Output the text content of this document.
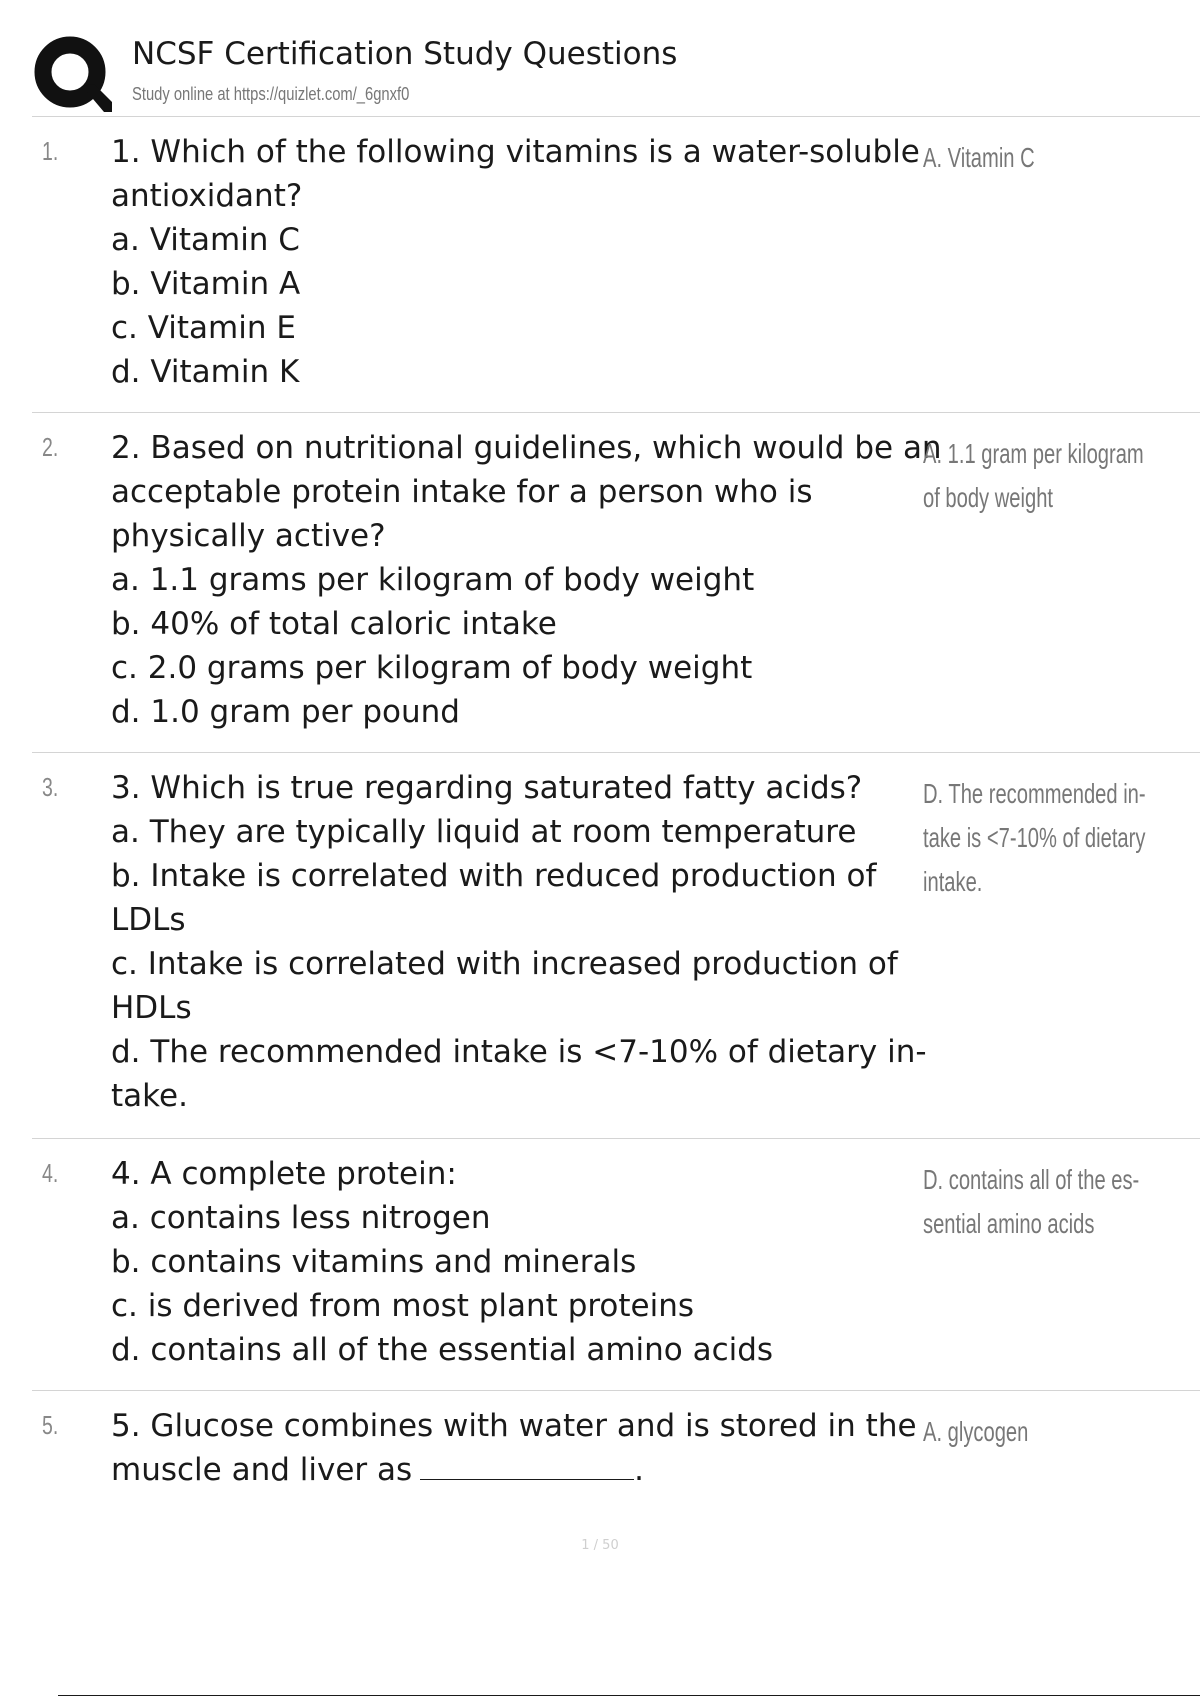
NCSF Certification Study Questions
Study online at https://quizlet.com/_6gnxf0
1. 1. Which of the following vitamins is a water-soluble
antioxidant?
a. Vitamin C
b. Vitamin A
c. Vitamin E
d. Vitamin K
A. Vitamin C
2. 2. Based on nutritional guidelines, which would be an
acceptable protein intake for a person who is
physically active?
a. 1.1 grams per kilogram of body weight
b. 40% of total caloric intake
c. 2.0 grams per kilogram of body weight
d. 1.0 gram per pound
A. 1.1 gram per kilogram
of body weight
3. 3. Which is true regarding saturated fatty acids?
a. They are typically liquid at room temperature
b. Intake is correlated with reduced production of
LDLs
c. Intake is correlated with increased production of
HDLs
d. The recommended intake is <7-10% of dietary in-
take.
D. The recommended in-
take is <7-10% of dietary
intake.
4. 4. A complete protein:
a. contains less nitrogen
b. contains vitamins and minerals
c. is derived from most plant proteins
d. contains all of the essential amino acids
D. contains all of the es-
sential amino acids
5. 5. Glucose combines with water and is stored in the
muscle and liver as	.
A. glycogen
1 / 50
